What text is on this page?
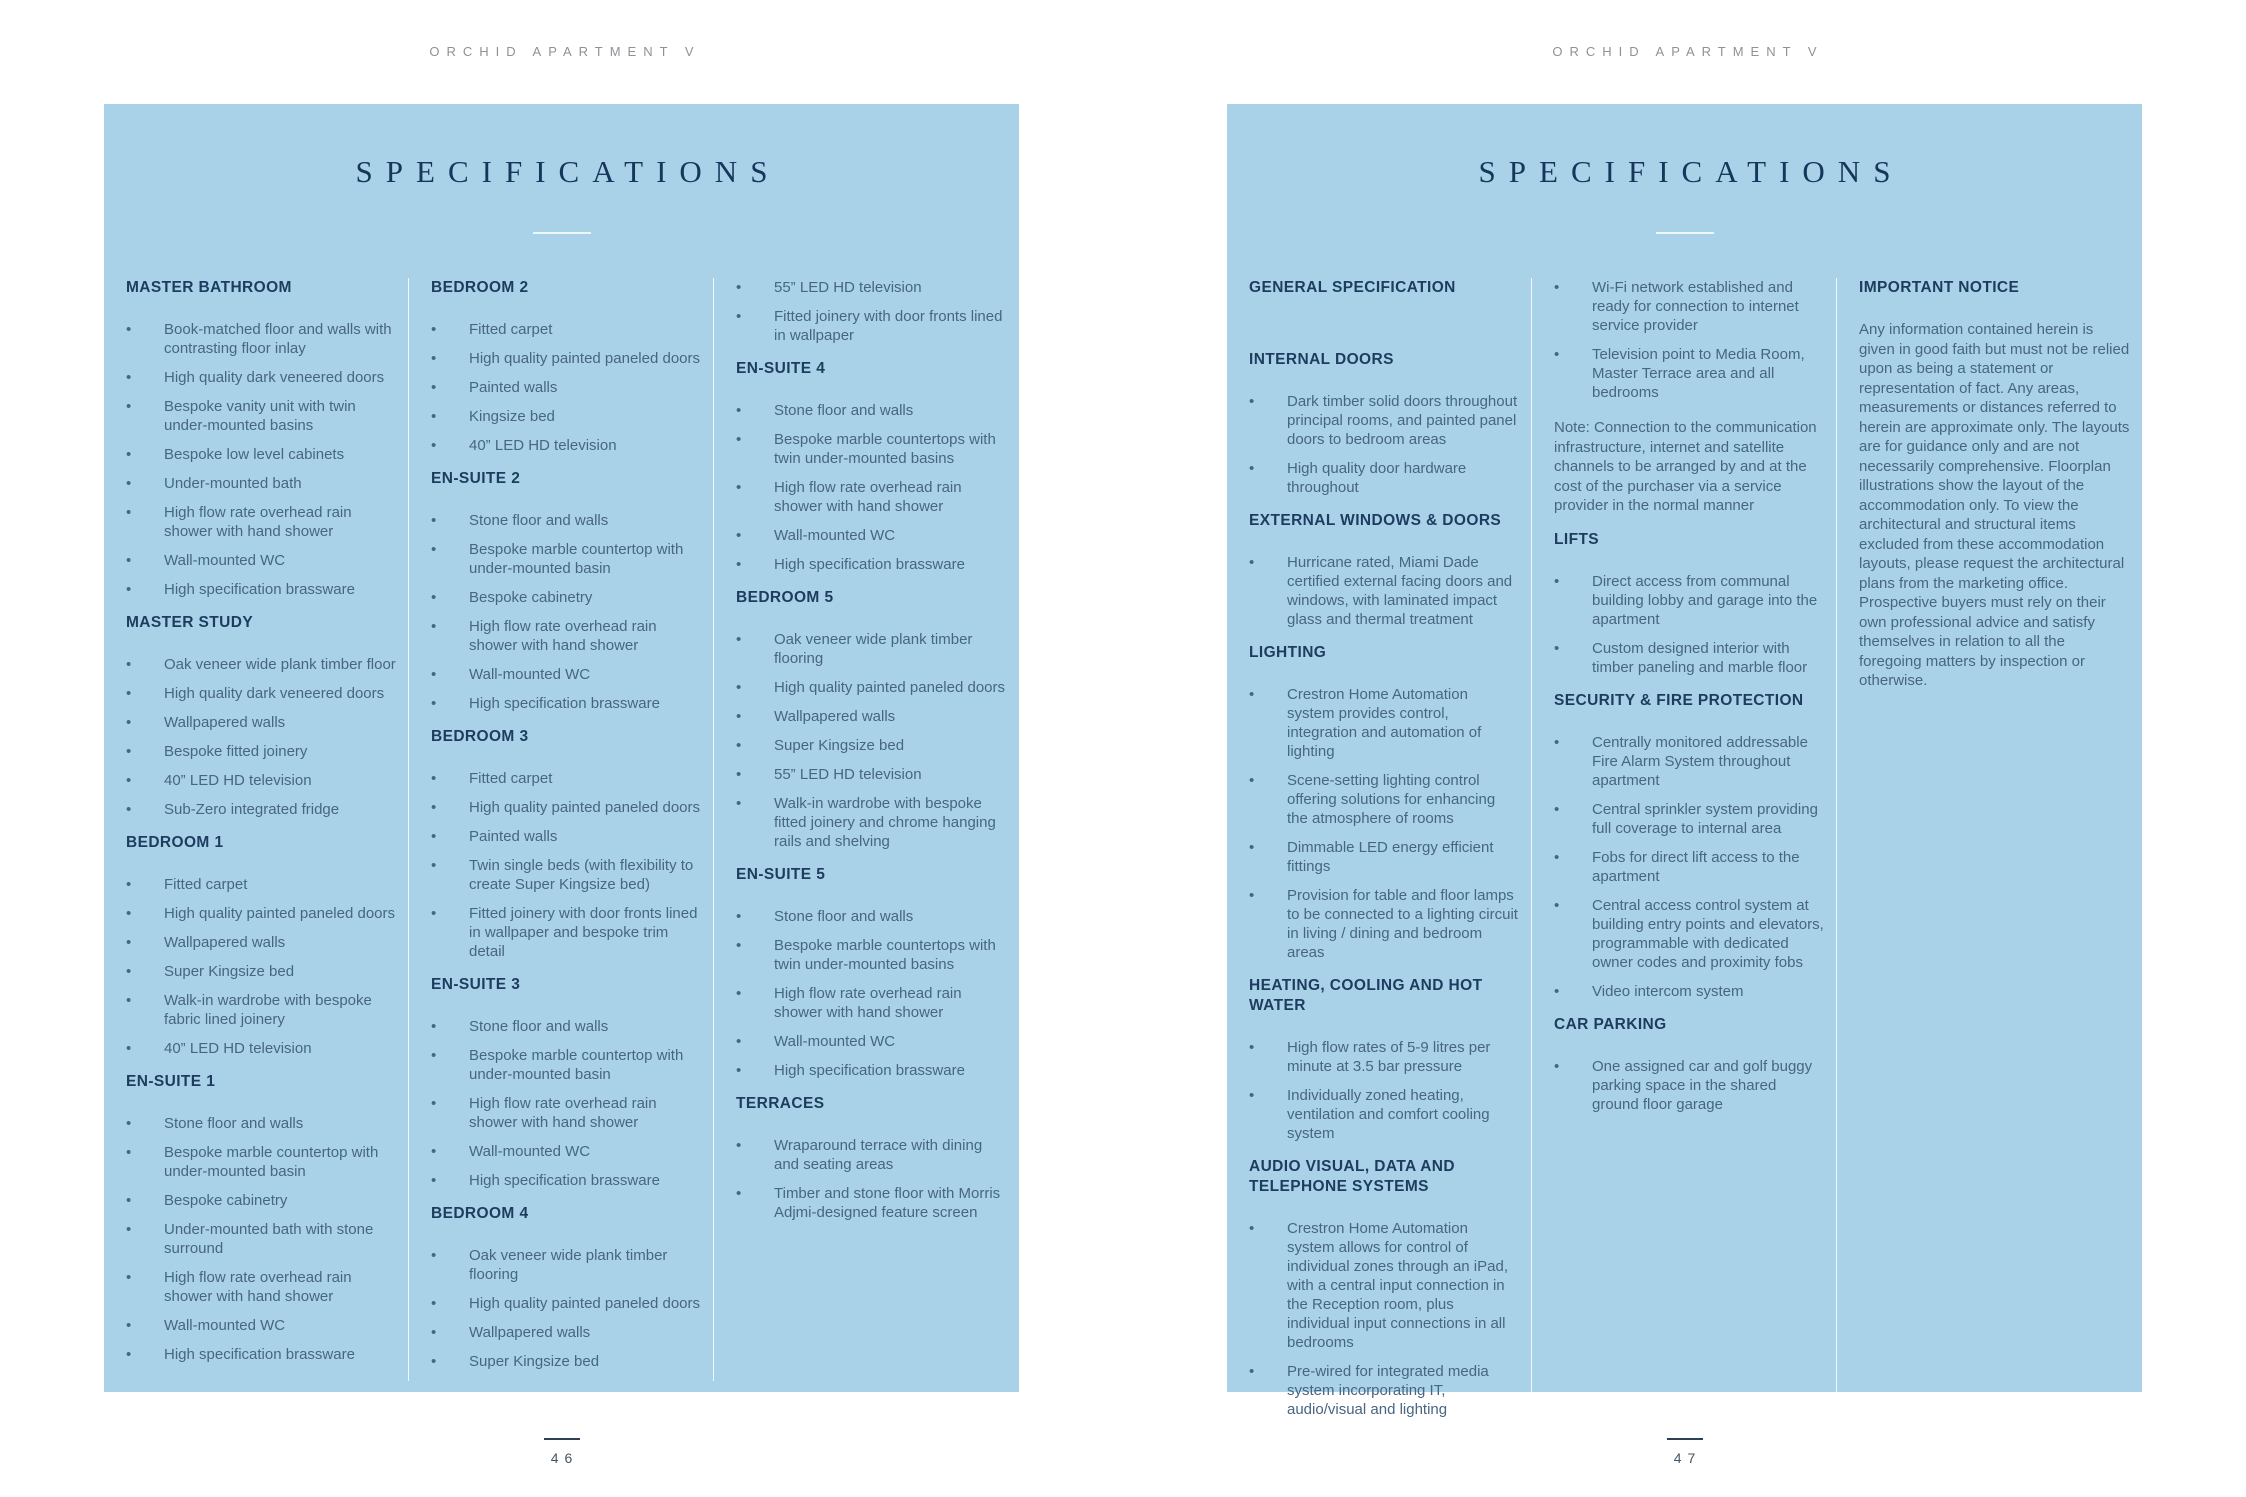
ORCHID APARTMENT V
SPECIFICATIONS
MASTER BATHROOM
•	Book-matched floor and walls with contrasting floor inlay
•	High quality dark veneered doors
•	Bespoke vanity unit with twin under-mounted basins
•	Bespoke low level cabinets
•	Under-mounted bath
•	High flow rate overhead rain shower with hand shower
•	Wall-mounted WC
•	High specification brassware
MASTER STUDY
•	Oak veneer wide plank timber floor
•	High quality dark veneered doors
•	Wallpapered walls
•	Bespoke fitted joinery
•	40” LED HD television
•	Sub-Zero integrated fridge
BEDROOM 1
•	Fitted carpet
•	High quality painted paneled doors
•	Wallpapered walls
•	Super Kingsize bed
•	Walk-in wardrobe with bespoke fabric lined joinery
•	40” LED HD television
EN-SUITE 1
•	Stone floor and walls
•	Bespoke marble countertop with under-mounted basin
•	Bespoke cabinetry
•	Under-mounted bath with stone surround
•	High flow rate overhead rain shower with hand shower
•	Wall-mounted WC
•	High specification brassware
BEDROOM 2
•	Fitted carpet
•	High quality painted paneled doors
•	Painted walls
•	Kingsize bed
•	40” LED HD television
EN-SUITE 2
•	Stone floor and walls
•	Bespoke marble countertop with under-mounted basin
•	Bespoke cabinetry
•	High flow rate overhead rain shower with hand shower
•	Wall-mounted WC
•	High specification brassware
BEDROOM 3
•	Fitted carpet
•	High quality painted paneled doors
•	Painted walls
•	Twin single beds (with flexibility to create Super Kingsize bed)
•	Fitted joinery with door fronts lined in wallpaper and bespoke trim detail
EN-SUITE 3
•	Stone floor and walls
•	Bespoke marble countertop with under-mounted basin
•	High flow rate overhead rain shower with hand shower
•	Wall-mounted WC
•	High specification brassware
BEDROOM 4
•	Oak veneer wide plank timber flooring
•	High quality painted paneled doors
•	Wallpapered walls
•	Super Kingsize bed
•	55” LED HD television
•	Fitted joinery with door fronts lined in wallpaper
EN-SUITE 4
•	Stone floor and walls
•	Bespoke marble countertops with twin under-mounted basins
•	High flow rate overhead rain shower with hand shower
•	Wall-mounted WC
•	High specification brassware
BEDROOM 5
•	Oak veneer wide plank timber flooring
•	High quality painted paneled doors
•	Wallpapered walls
•	Super Kingsize bed
•	55” LED HD television
•	Walk-in wardrobe with bespoke fitted joinery and chrome hanging rails and shelving
EN-SUITE 5
•	Stone floor and walls
•	Bespoke marble countertops with twin under-mounted basins
•	High flow rate overhead rain shower with hand shower
•	Wall-mounted WC
•	High specification brassware
TERRACES
•	Wraparound terrace with dining and seating areas
•	Timber and stone floor with Morris Adjmi-designed feature screen
46
ORCHID APARTMENT V
SPECIFICATIONS
GENERAL SPECIFICATION
INTERNAL DOORS
•	Dark timber solid doors throughout principal rooms, and painted panel doors to bedroom areas
•	High quality door hardware throughout
EXTERNAL WINDOWS & DOORS
•	Hurricane rated, Miami Dade certified external facing doors and windows, with laminated impact glass and thermal treatment
LIGHTING
•	Crestron Home Automation system provides control, integration and automation of lighting
•	Scene-setting lighting control offering solutions for enhancing the atmosphere of rooms
•	Dimmable LED energy efficient fittings
•	Provision for table and floor lamps to be connected to a lighting circuit in living / dining and bedroom areas
HEATING, COOLING AND HOT WATER
•	High flow rates of 5-9 litres per minute at 3.5 bar pressure
•	Individually zoned heating, ventilation and comfort cooling system
AUDIO VISUAL, DATA AND TELEPHONE SYSTEMS
•	Crestron Home Automation system allows for control of individual zones through an iPad, with a central input connection in the Reception room, plus individual input connections in all bedrooms
•	Pre-wired for integrated media system incorporating IT, audio/visual and lighting
•	Wi-Fi network established and ready for connection to internet service provider
•	Television point to Media Room, Master Terrace area and all bedrooms

Note: Connection to the communication infrastructure, internet and satellite channels to be arranged by and at the cost of the purchaser via a service provider in the normal manner

LIFTS
•	Direct access from communal building lobby and garage into the apartment
•	Custom designed interior with timber paneling and marble floor
SECURITY & FIRE PROTECTION
•	Centrally monitored addressable Fire Alarm System throughout apartment
•	Central sprinkler system providing full coverage to internal area
•	Fobs for direct lift access to the apartment
•	Central access control system at building entry points and elevators, programmable with dedicated owner codes and proximity fobs
•	Video intercom system
CAR PARKING
•	One assigned car and golf buggy parking space in the shared ground floor garage
IMPORTANT NOTICE

Any information contained herein is given in good faith but must not be relied upon as being a statement or representation of fact. Any areas, measurements or distances referred to herein are approximate only. The layouts are for guidance only and are not necessarily comprehensive. Floorplan illustrations show the layout of the accommodation only. To view the architectural and structural items excluded from these accommodation layouts, please request the architectural plans from the marketing office. Prospective buyers must rely on their own professional advice and satisfy themselves in relation to all the foregoing matters by inspection or otherwise.

47
